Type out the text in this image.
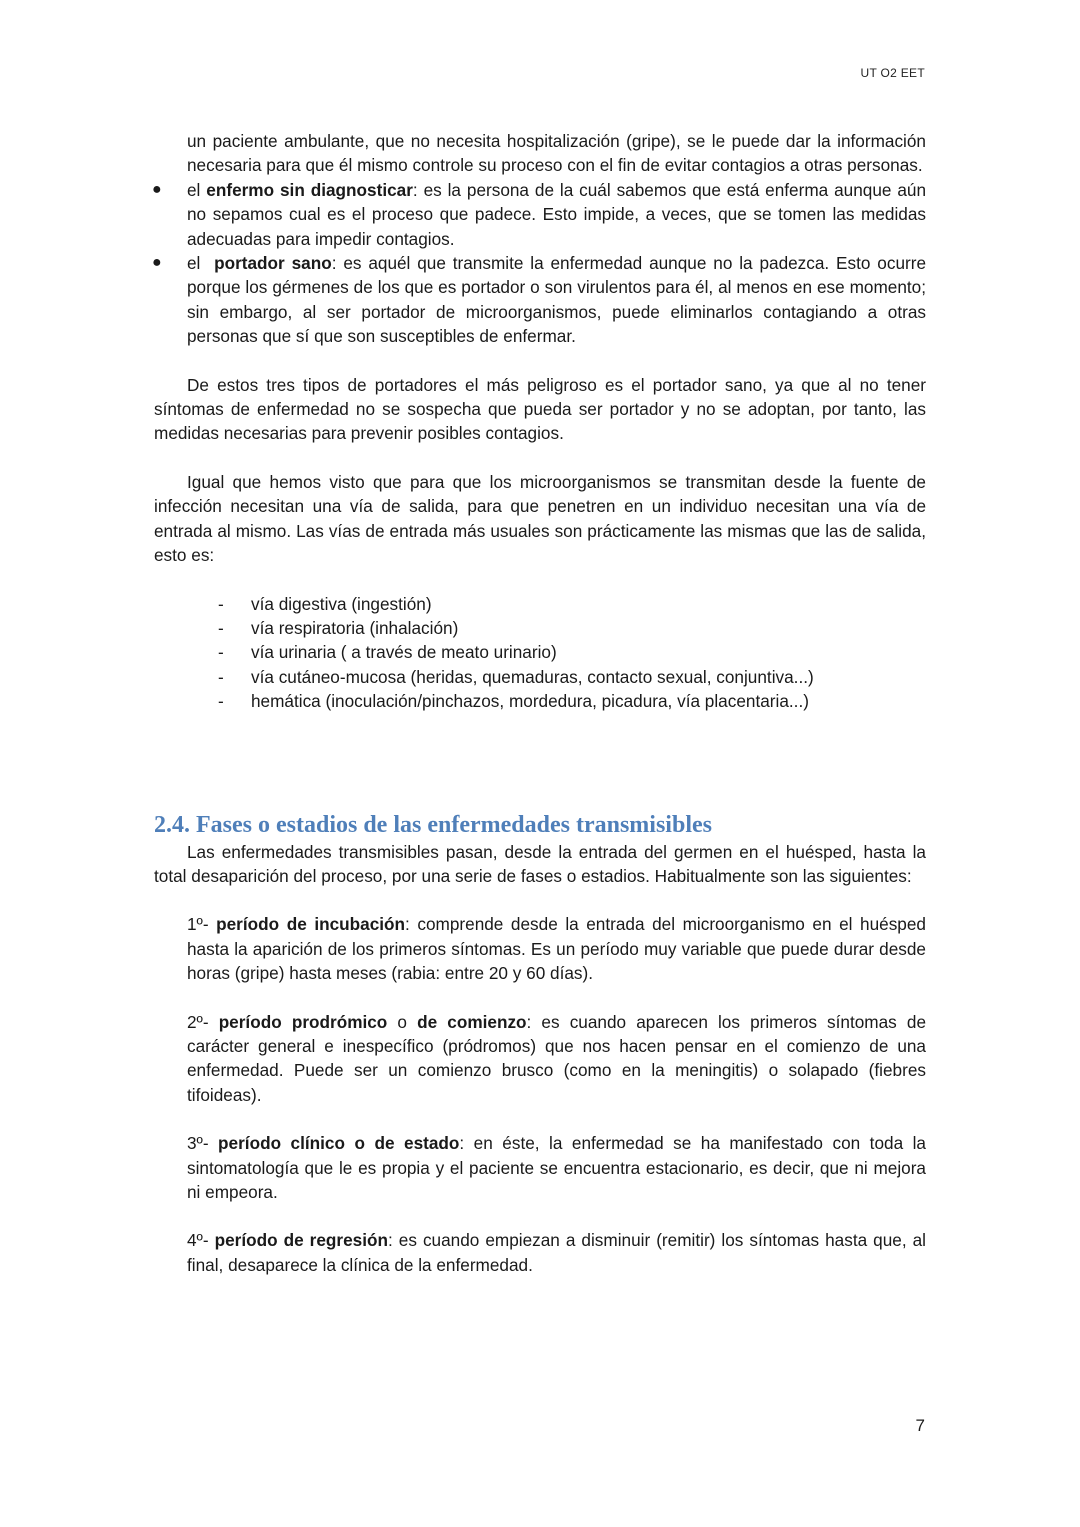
UT O2 EET

un paciente ambulante, que no necesita hospitalización (gripe), se le puede dar la información necesaria para que él mismo controle su proceso con el fin de evitar contagios a otras personas.

● el enfermo sin diagnosticar: es la persona de la cuál sabemos que está enferma aunque aún no sepamos cual es el proceso que padece. Esto impide, a veces, que se tomen las medidas adecuadas para impedir contagios.
● el  portador sano: es aquél que transmite la enfermedad aunque no la padezca. Esto ocurre porque los gérmenes de los que es portador o son virulentos para él, al menos en ese momento; sin embargo, al ser portador de microorganismos, puede eliminarlos contagiando a otras personas que sí que son susceptibles de enfermar.

De estos tres tipos de portadores el más peligroso es el portador sano, ya que al no tener síntomas de enfermedad no se sospecha que pueda ser portador y no se adoptan, por tanto, las medidas necesarias para prevenir posibles contagios.

Igual que hemos visto que para que los microorganismos se transmitan desde la fuente de infección necesitan una vía de salida, para que penetren en un individuo necesitan una vía de entrada al mismo. Las vías de entrada más usuales son prácticamente las mismas que las de salida, esto es:

- vía digestiva (ingestión)
- vía respiratoria (inhalación)
- vía urinaria ( a través de meato urinario)
- vía cutáneo-mucosa (heridas, quemaduras, contacto sexual, conjuntiva...)
- hemática (inoculación/pinchazos, mordedura, picadura, vía placentaria...)
2.4. Fases o estadios de las enfermedades transmisibles

Las enfermedades transmisibles pasan, desde la entrada del germen en el huésped, hasta la total desaparición del proceso, por una serie de fases o estadios. Habitualmente son las siguientes:

1º- período de incubación: comprende desde la entrada del microorganismo en el huésped hasta la aparición de los primeros síntomas. Es un período muy variable que puede durar desde horas (gripe) hasta meses (rabia: entre 20 y 60 días).

2º- período prodrómico o de comienzo: es cuando aparecen los primeros síntomas de carácter general e inespecífico (pródromos) que nos hacen pensar en el comienzo de una enfermedad. Puede ser un comienzo brusco (como en la meningitis) o solapado (fiebres tifoideas).

3º- período clínico o de estado: en éste, la enfermedad se ha manifestado con toda la sintomatología que le es propia y el paciente se encuentra estacionario, es decir, que ni mejora ni empeora.

4º- período de regresión: es cuando empiezan a disminuir (remitir) los síntomas hasta que, al final, desaparece la clínica de la enfermedad.

7
